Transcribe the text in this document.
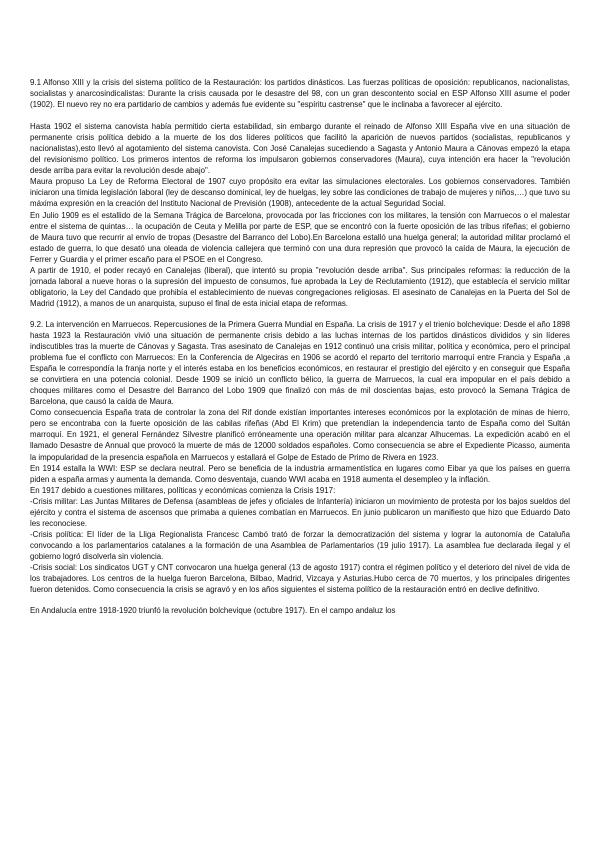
9.1 Alfonso XIII y la crisis del sistema político de la Restauración: los partidos dinásticos. Las fuerzas políticas de oposición: republicanos, nacionalistas, socialistas y anarcosindicalistas: Durante la crisis causada por le desastre del 98, con un gran descontento social en ESP Alfonso XIII asume el poder (1902). El nuevo rey no era partidario de cambios y además fue evidente su "espíritu castrense" que le inclinaba a favorecer al ejército.

Hasta 1902 el sistema canovista había permitido cierta estabilidad, sin embargo durante el reinado de Alfonso XIII España vive en una situación de permanente crisis política debido a la muerte de los dos líderes políticos que facilitó la aparición de nuevos partidos (socialistas, republicanos y nacionalistas),esto llevó al agotamiento del sistema canovista. Con José Canalejas sucediendo a Sagasta y Antonio Maura a Cánovas empezó la etapa del revisionismo político. Los primeros intentos de reforma los impulsaron gobiernos conservadores (Maura), cuya intención era hacer la "revolución desde arriba para evitar la revolución desde abajo".

Maura propuso La Ley de Reforma Electoral de 1907 cuyo propósito era evitar las simulaciones electorales. Los gobiernos conservadores. También iniciaron una tímida legislación laboral (ley de descanso dominical, ley de huelgas, ley sobre las condiciones de trabajo de mujeres y niños,…) que tuvo su máxima expresión en la creación del Instituto Nacional de Previsión (1908), antecedente de la actual Seguridad Social.

En Julio 1909 es el estallido de la Semana Trágica de Barcelona, provocada por las fricciones con los militares, la tensión con Marruecos o el malestar entre el sistema de quintas… la ocupación de Ceuta y Melilla por parte de ESP, que se encontró con la fuerte oposición de las tribus rifeñas; el gobierno de Maura tuvo que recurrir al envío de tropas (Desastre del Barranco del Lobo).En Barcelona estalló una huelga general; la autoridad militar proclamó el estado de guerra, lo que desató una oleada de violencia callejera que terminó con una dura represión que provocó la caída de Maura, la ejecución de Ferrer y Guardia y el primer escaño para el PSOE en el Congreso.

A partir de 1910, el poder recayó en Canalejas (liberal), que intentó su propia "revolución desde arriba". Sus principales reformas: la reducción de la jornada laboral a nueve horas o la supresión del impuesto de consumos, fue aprobada la Ley de Reclutamiento (1912), que establecía el servicio militar obligatorio, la Ley del Candado que prohibía el establecimiento de nuevas congregaciones religiosas. El asesinato de Canalejas en la Puerta del Sol de Madrid (1912), a manos de un anarquista, supuso el final de esta inicial etapa de reformas.

9.2. La intervención en Marruecos. Repercusiones de la Primera Guerra Mundial en España. La crisis de 1917 y el trienio bolchevique: Desde el año 1898 hasta 1923 la Restauración vivió una situación de permanente crisis debido a las luchas internas de los partidos dinásticos divididos y sin líderes indiscutibles tras la muerte de Cánovas y Sagasta. Tras asesinato de Canalejas en 1912 continuó una crisis militar, política y económica, pero el principal problema fue el conflicto con Marruecos: En la Conferencia de Algeciras en 1906 se acordó el reparto del territorio marroquí entre Francia y España ,a España le correspondía la franja norte y el interés estaba en los beneficios económicos, en restaurar el prestigio del ejército y en conseguir que España se convirtiera en una potencia colonial. Desde 1909 se inició un conflicto bélico, la guerra de Marruecos, la cual era impopular en el país debido a choques militares como el Desastre del Barranco del Lobo 1909 que finalizó con más de mil doscientas bajas, esto provocó la Semana Trágica de Barcelona, que causó la caída de Maura.

Como consecuencia España trata de controlar la zona del Rif donde existían importantes intereses económicos por la explotación de minas de hierro, pero se encontraba con la fuerte oposición de las cabilas rifeñas (Abd El Krim) que pretendían la independencia tanto de España como del Sultán marroquí. En 1921, el general Fernández Silvestre planificó erróneamente una operación militar para alcanzar Alhucemas. La expedición acabó en el llamado Desastre de Annual que provocó la muerte de más de 12000 soldados españoles. Como consecuencia se abre el Expediente Picasso, aumenta la impopularidad de la presencia española en Marruecos y estallará el Golpe de Estado de Primo de Rivera en 1923.

En 1914 estalla la WWI: ESP se declara neutral. Pero se beneficia de la industria armamentística en lugares como Eibar ya que los países en guerra piden a españa armas y aumenta la demanda. Como desventaja, cuando WWI acaba en 1918 aumenta el desempleo y la inflación.

En 1917 debido a cuestiones militares, políticas y económicas comienza la Crisis 1917:

-Crisis militar: Las Juntas Militares de Defensa (asambleas de jefes y oficiales de Infantería) iniciaron un movimiento de protesta por los bajos sueldos del ejército y contra el sistema de ascensos que primaba a quienes combatían en Marruecos. En junio publicaron un manifiesto que hizo que Eduardo Dato les reconociese.

-Crisis política: El líder de la Lliga Regionalista Francesc Cambó trató de forzar la democratización del sistema y lograr la autonomía de Cataluña convocando a los parlamentarios catalanes a la formación de una Asamblea de Parlamentarios (19 julio 1917). La asamblea fue declarada ilegal y el gobierno logró disolverla sin violencia.

-Crisis social: Los sindicatos UGT y CNT convocaron una huelga general (13 de agosto 1917) contra el régimen político y el deterioro del nivel de vida de los trabajadores. Los centros de la huelga fueron Barcelona, Bilbao, Madrid, Vizcaya y Asturias.Hubo cerca de 70 muertos, y los principales dirigentes fueron detenidos. Como consecuencia la crisis se agravó y en los años siguientes el sistema político de la restauración entró en declive definitivo.

En Andalucía entre 1918-1920 triunfó la revolución bolchevique (octubre 1917). En el campo andaluz los
